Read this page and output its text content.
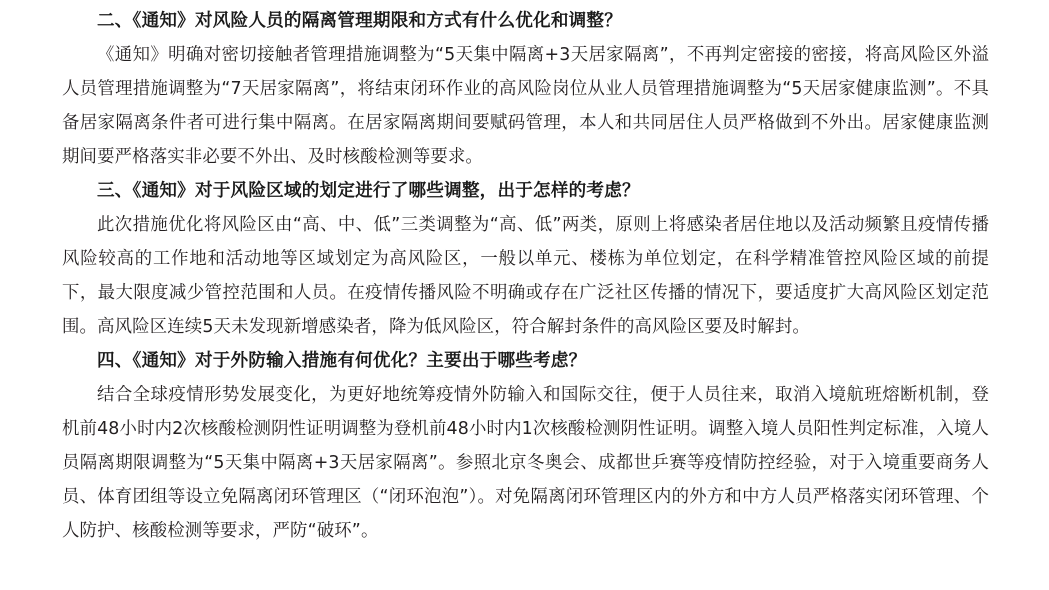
二、《通知》对风险人员的隔离管理期限和方式有什么优化和调整？

《通知》明确对密切接触者管理措施调整为“5天集中隔离+3天居家隔离”，不再判定密接的密接，将高风险区外溢人员管理措施调整为“7天居家隔离”，将结束闭环作业的高风险岗位从业人员管理措施调整为“5天居家健康监测”。不具备居家隔离条件者可进行集中隔离。在居家隔离期间要赋码管理，本人和共同居住人员严格做到不外出。居家健康监测期间要严格落实非必要不外出、及时核酸检测等要求。

三、《通知》对于风险区域的划定进行了哪些调整，出于怎样的考虑？

此次措施优化将风险区由“高、中、低”三类调整为“高、低”两类，原则上将感染者居住地以及活动频繁且疫情传播风险较高的工作地和活动地等区域划定为高风险区，一般以单元、楼栋为单位划定，在科学精准管控风险区域的前提下，最大限度减少管控范围和人员。在疫情传播风险不明确或存在广泛社区传播的情况下，要适度扩大高风险区划定范围。高风险区连续5天未发现新增感染者，降为低风险区，符合解封条件的高风险区要及时解封。

四、《通知》对于外防输入措施有何优化？主要出于哪些考虑？

结合全球疫情形势发展变化，为更好地统筹疫情外防输入和国际交往，便于人员往来，取消入境航班熔断机制，登机前48小时内2次核酸检测阴性证明调整为登机前48小时内1次核酸检测阴性证明。调整入境人员阳性判定标准，入境人员隔离期限调整为“5天集中隔离+3天居家隔离”。参照北京冬奥会、成都世乒赛等疫情防控经验，对于入境重要商务人员、体育团组等设立免隔离闭环管理区（“闭环泡泡”）。对免隔离闭环管理区内的外方和中方人员严格落实闭环管理、个人防护、核酸检测等要求，严防“破环”。
